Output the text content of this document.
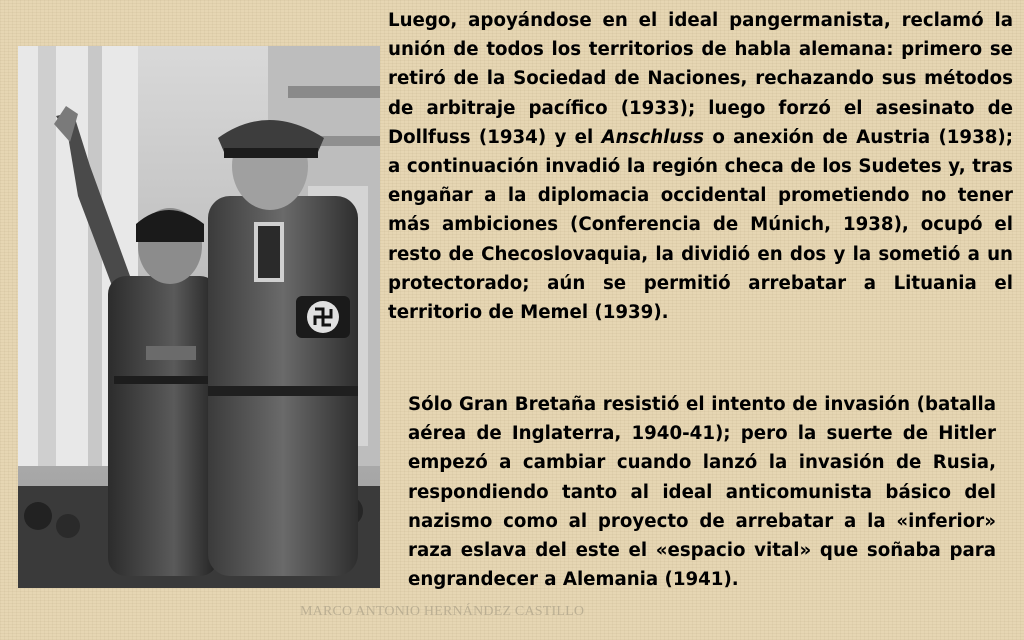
Luego, apoyándose en el ideal pangermanista, reclamó la unión de todos los territorios de habla alemana: primero se retiró de la Sociedad de Naciones, rechazando sus métodos de arbitraje pacífico (1933); luego forzó el asesinato de Dollfuss (1934) y el Anschluss o anexión de Austria (1938); a continuación invadió la región checa de los Sudetes y, tras engañar a la diplomacia occidental prometiendo no tener más ambiciones (Conferencia de Múnich, 1938), ocupó el resto de Checoslovaquia, la dividió en dos y la sometió a un protectorado; aún se permitió arrebatar a Lituania el territorio de Memel (1939).

Sólo Gran Bretaña resistió el intento de invasión (batalla aérea de Inglaterra, 1940-41); pero la suerte de Hitler empezó a cambiar cuando lanzó la invasión de Rusia, respondiendo tanto al ideal anticomunista básico del nazismo como al proyecto de arrebatar a la «inferior» raza eslava del este el «espacio vital» que soñaba para engrandecer a Alemania (1941).

MARCO ANTONIO HERNÁNDEZ CASTILLO
